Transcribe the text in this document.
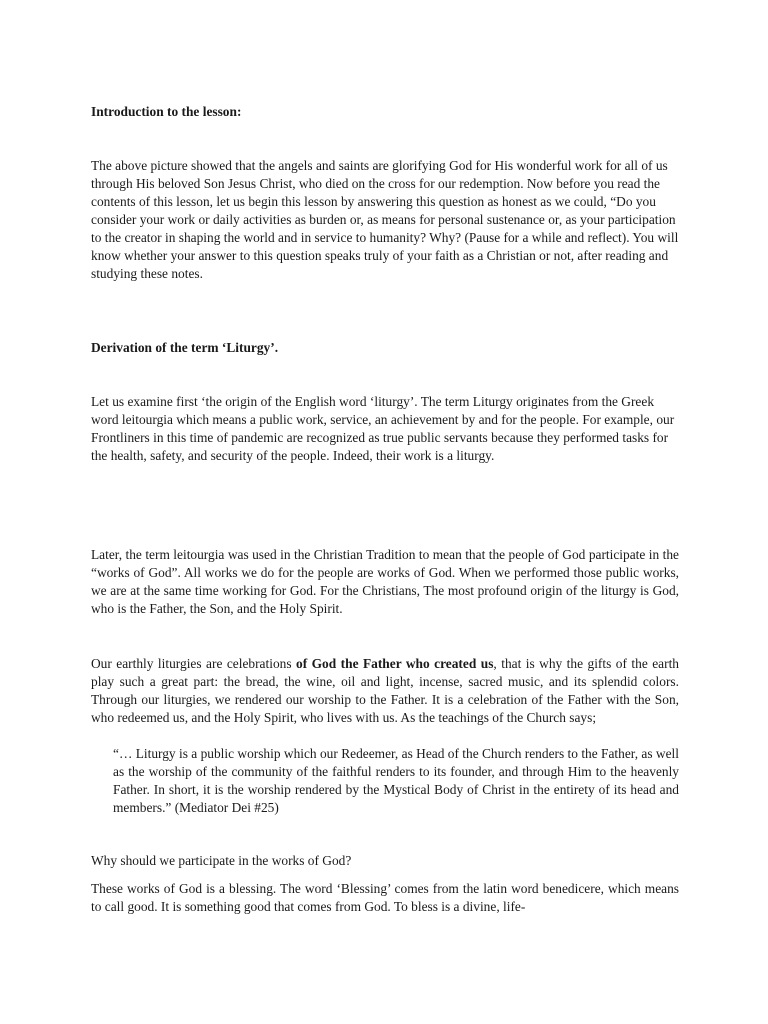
Introduction to the lesson:

The above picture showed that the angels and saints are glorifying God for His wonderful work for all of us through His beloved Son Jesus Christ, who died on the cross for our redemption. Now before you read the contents of this lesson, let us begin this lesson by answering this question as honest as we could, “Do you consider your work or daily activities as burden or, as means for personal sustenance or, as your participation to the creator in shaping the world and in service to humanity? Why? (Pause for a while and reflect). You will know whether your answer to this question speaks truly of your faith as a Christian or not, after reading and studying these notes.

Derivation of the term ‘Liturgy’.

Let us examine first ‘the origin of the English word ‘liturgy’. The term Liturgy originates from the Greek word leitourgia which means a public work, service, an achievement by and for the people. For example, our Frontliners in this time of pandemic are recognized as true public servants because they performed tasks for the health, safety, and security of the people. Indeed, their work is a liturgy.

Later, the term leitourgia was used in the Christian Tradition to mean that the people of God participate in the “works of God”. All works we do for the people are works of God. When we performed those public works, we are at the same time working for God. For the Christians, The most profound origin of the liturgy is God, who is the Father, the Son, and the Holy Spirit.

Our earthly liturgies are celebrations of God the Father who created us, that is why the gifts of the earth play such a great part: the bread, the wine, oil and light, incense, sacred music, and its splendid colors. Through our liturgies, we rendered our worship to the Father. It is a celebration of the Father with the Son, who redeemed us, and the Holy Spirit, who lives with us. As the teachings of the Church says;

“… Liturgy is a public worship which our Redeemer, as Head of the Church renders to the Father, as well as the worship of the community of the faithful renders to its founder, and through Him to the heavenly Father. In short, it is the worship rendered by the Mystical Body of Christ in the entirety of its head and members.” (Mediator Dei #25)

Why should we participate in the works of God?

These works of God is a blessing. The word ‘Blessing’ comes from the latin word benedicere, which means to call good. It is something good that comes from God. To bless is a divine, life-
